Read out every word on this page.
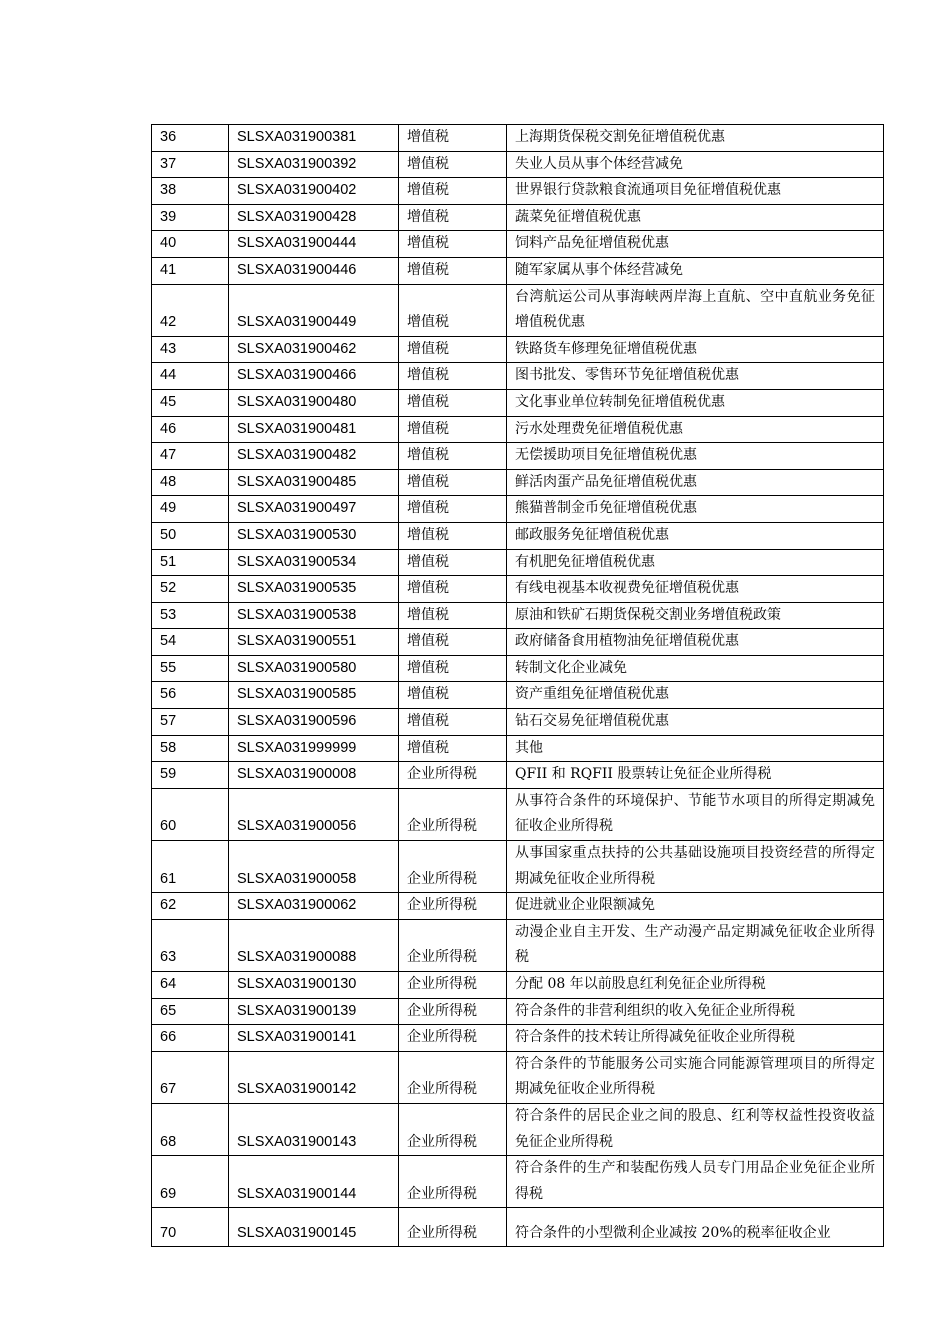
36	SLSXA031900381	增值税	上海期货保税交割免征增值税优惠
37	SLSXA031900392	增值税	失业人员从事个体经营减免
38	SLSXA031900402	增值税	世界银行贷款粮食流通项目免征增值税优惠
39	SLSXA031900428	增值税	蔬菜免征增值税优惠
40	SLSXA031900444	增值税	饲料产品免征增值税优惠
41	SLSXA031900446	增值税	随军家属从事个体经营减免
42	SLSXA031900449	增值税	台湾航运公司从事海峡两岸海上直航、空中直航业务免征增值税优惠
43	SLSXA031900462	增值税	铁路货车修理免征增值税优惠
44	SLSXA031900466	增值税	图书批发、零售环节免征增值税优惠
45	SLSXA031900480	增值税	文化事业单位转制免征增值税优惠
46	SLSXA031900481	增值税	污水处理费免征增值税优惠
47	SLSXA031900482	增值税	无偿援助项目免征增值税优惠
48	SLSXA031900485	增值税	鲜活肉蛋产品免征增值税优惠
49	SLSXA031900497	增值税	熊猫普制金币免征增值税优惠
50	SLSXA031900530	增值税	邮政服务免征增值税优惠
51	SLSXA031900534	增值税	有机肥免征增值税优惠
52	SLSXA031900535	增值税	有线电视基本收视费免征增值税优惠
53	SLSXA031900538	增值税	原油和铁矿石期货保税交割业务增值税政策
54	SLSXA031900551	增值税	政府储备食用植物油免征增值税优惠
55	SLSXA031900580	增值税	转制文化企业减免
56	SLSXA031900585	增值税	资产重组免征增值税优惠
57	SLSXA031900596	增值税	钻石交易免征增值税优惠
58	SLSXA031999999	增值税	其他
59	SLSXA031900008	企业所得税	QFII 和 RQFII 股票转让免征企业所得税
60	SLSXA031900056	企业所得税	从事符合条件的环境保护、节能节水项目的所得定期减免征收企业所得税
61	SLSXA031900058	企业所得税	从事国家重点扶持的公共基础设施项目投资经营的所得定期减免征收企业所得税
62	SLSXA031900062	企业所得税	促进就业企业限额减免
63	SLSXA031900088	企业所得税	动漫企业自主开发、生产动漫产品定期减免征收企业所得税
64	SLSXA031900130	企业所得税	分配 08 年以前股息红利免征企业所得税
65	SLSXA031900139	企业所得税	符合条件的非营利组织的收入免征企业所得税
66	SLSXA031900141	企业所得税	符合条件的技术转让所得减免征收企业所得税
67	SLSXA031900142	企业所得税	符合条件的节能服务公司实施合同能源管理项目的所得定期减免征收企业所得税
68	SLSXA031900143	企业所得税	符合条件的居民企业之间的股息、红利等权益性投资收益免征企业所得税
69	SLSXA031900144	企业所得税	符合条件的生产和装配伤残人员专门用品企业免征企业所得税
70	SLSXA031900145	企业所得税	符合条件的小型微利企业减按 20%的税率征收企业
